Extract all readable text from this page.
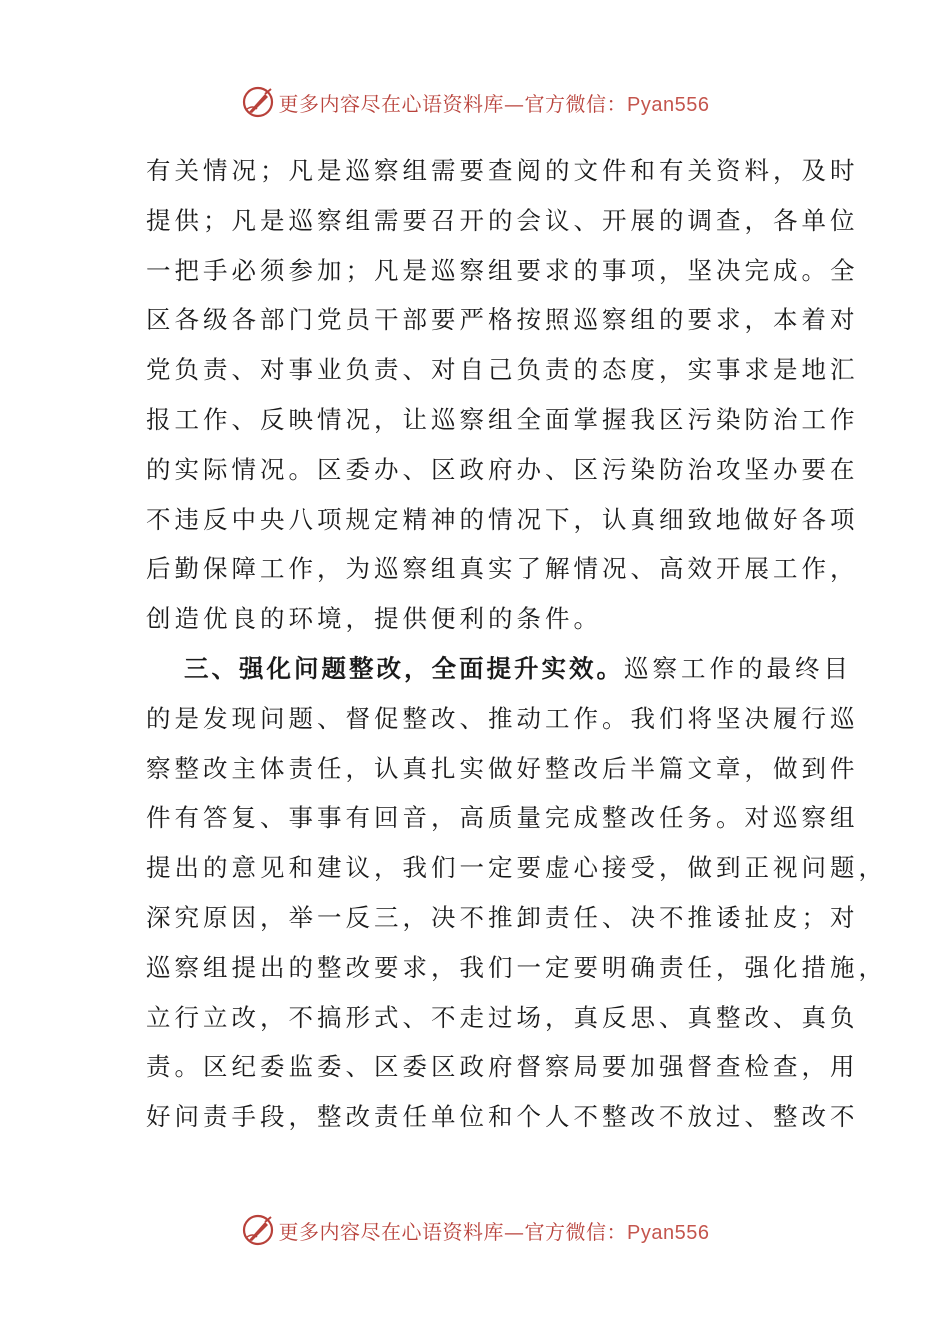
更多内容尽在心语资料库—官方微信：Pyan556
有关情况；凡是巡察组需要查阅的文件和有关资料，及时
提供；凡是巡察组需要召开的会议、开展的调查，各单位
一把手必须参加；凡是巡察组要求的事项，坚决完成。全
区各级各部门党员干部要严格按照巡察组的要求，本着对
党负责、对事业负责、对自己负责的态度，实事求是地汇
报工作、反映情况，让巡察组全面掌握我区污染防治工作
的实际情况。区委办、区政府办、区污染防治攻坚办要在
不违反中央八项规定精神的情况下，认真细致地做好各项
后勤保障工作，为巡察组真实了解情况、高效开展工作，
创造优良的环境，提供便利的条件。
三、强化问题整改，全面提升实效。巡察工作的最终目
的是发现问题、督促整改、推动工作。我们将坚决履行巡
察整改主体责任，认真扎实做好整改后半篇文章，做到件
件有答复、事事有回音，高质量完成整改任务。对巡察组
提出的意见和建议，我们一定要虚心接受，做到正视问题，
深究原因，举一反三，决不推卸责任、决不推诿扯皮；对
巡察组提出的整改要求，我们一定要明确责任，强化措施，
立行立改，不搞形式、不走过场，真反思、真整改、真负
责。区纪委监委、区委区政府督察局要加强督查检查，用
好问责手段，整改责任单位和个人不整改不放过、整改不
更多内容尽在心语资料库—官方微信：Pyan556
